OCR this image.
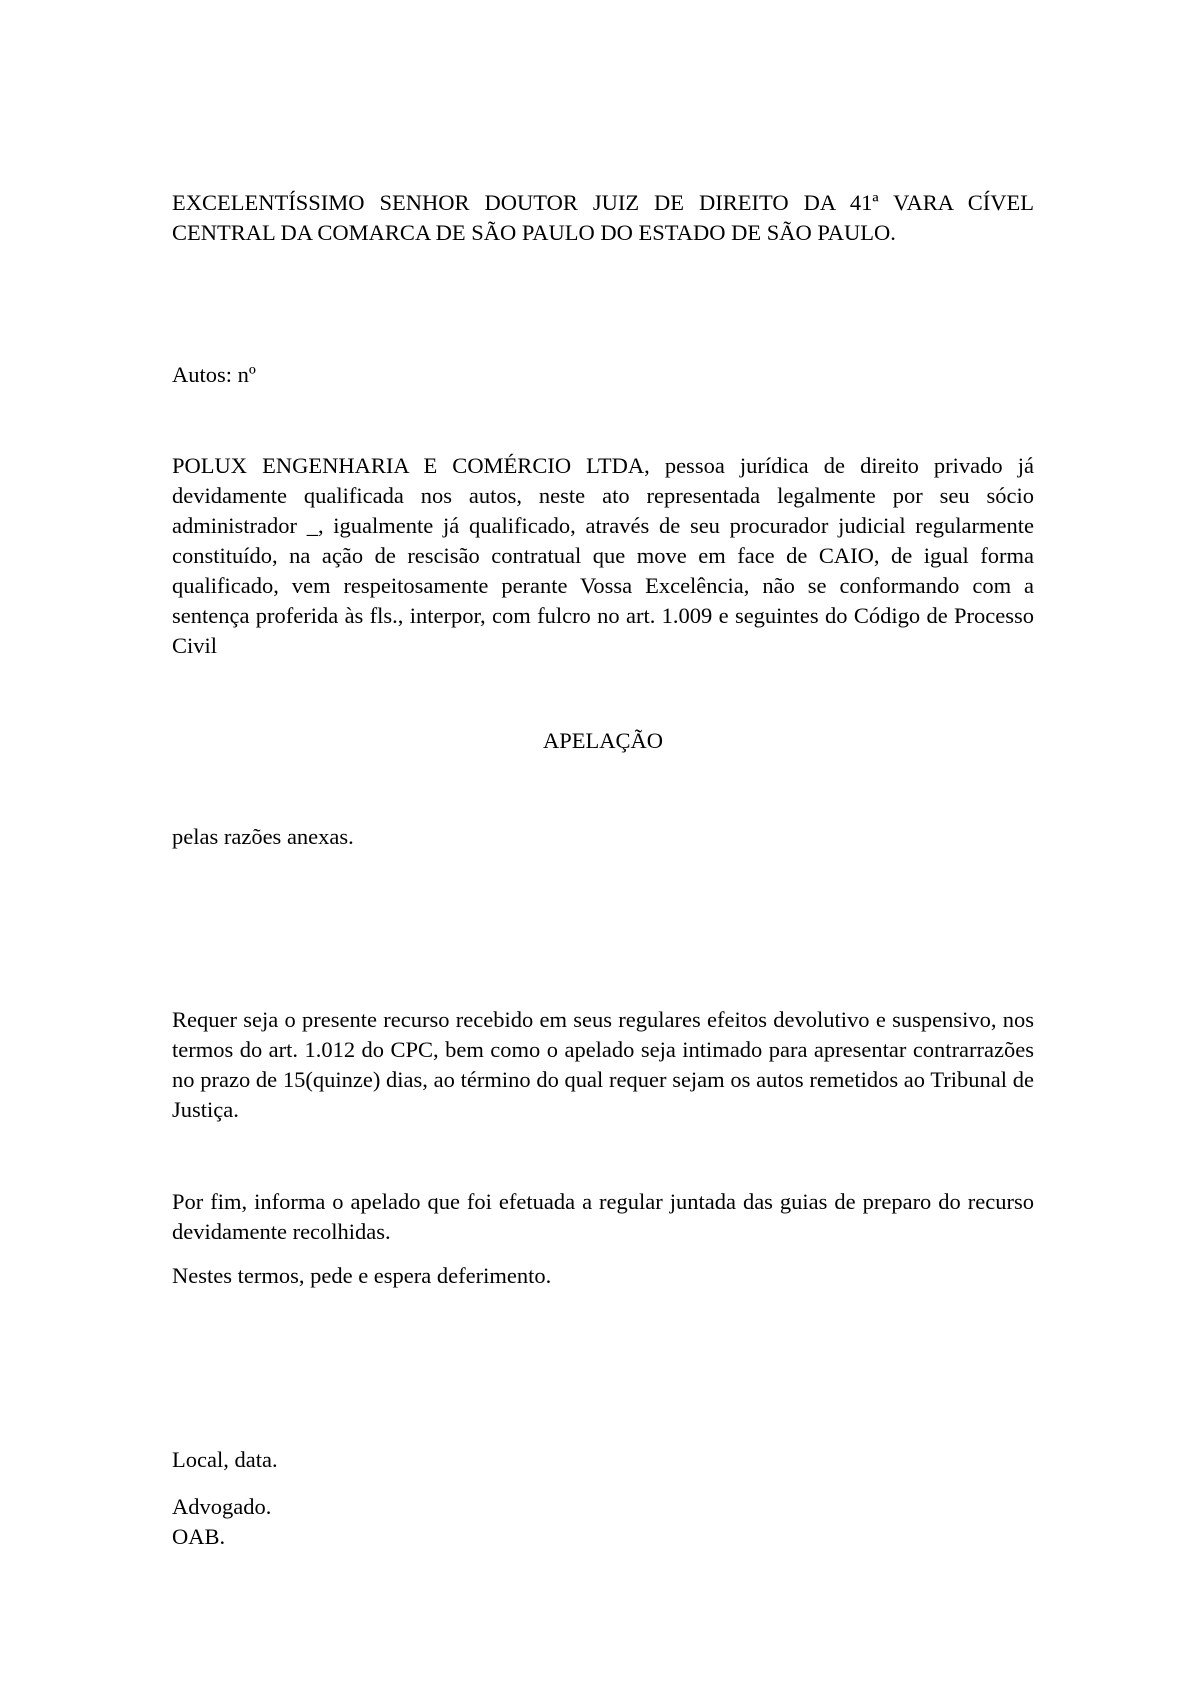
EXCELENTÍSSIMO SENHOR DOUTOR JUIZ DE DIREITO DA 41ª VARA CÍVEL CENTRAL DA COMARCA DE SÃO PAULO DO ESTADO DE SÃO PAULO.

Autos: nº

POLUX ENGENHARIA E COMÉRCIO LTDA, pessoa jurídica de direito privado já devidamente qualificada nos autos, neste ato representada legalmente por seu sócio administrador _, igualmente já qualificado, através de seu procurador judicial regularmente constituído, na ação de rescisão contratual que move em face de CAIO, de igual forma qualificado, vem respeitosamente perante Vossa Excelência, não se conformando com a sentença proferida às fls., interpor, com fulcro no art. 1.009 e seguintes do Código de Processo Civil

APELAÇÃO

pelas razões anexas.

Requer seja o presente recurso recebido em seus regulares efeitos devolutivo e suspensivo, nos termos do art. 1.012 do CPC, bem como o apelado seja intimado para apresentar contrarrazões no prazo de 15(quinze) dias, ao término do qual requer sejam os autos remetidos ao Tribunal de Justiça.

Por fim, informa o apelado que foi efetuada a regular juntada das guias de preparo do recurso devidamente recolhidas.

Nestes termos, pede e espera deferimento.

Local, data.

Advogado.
OAB.
